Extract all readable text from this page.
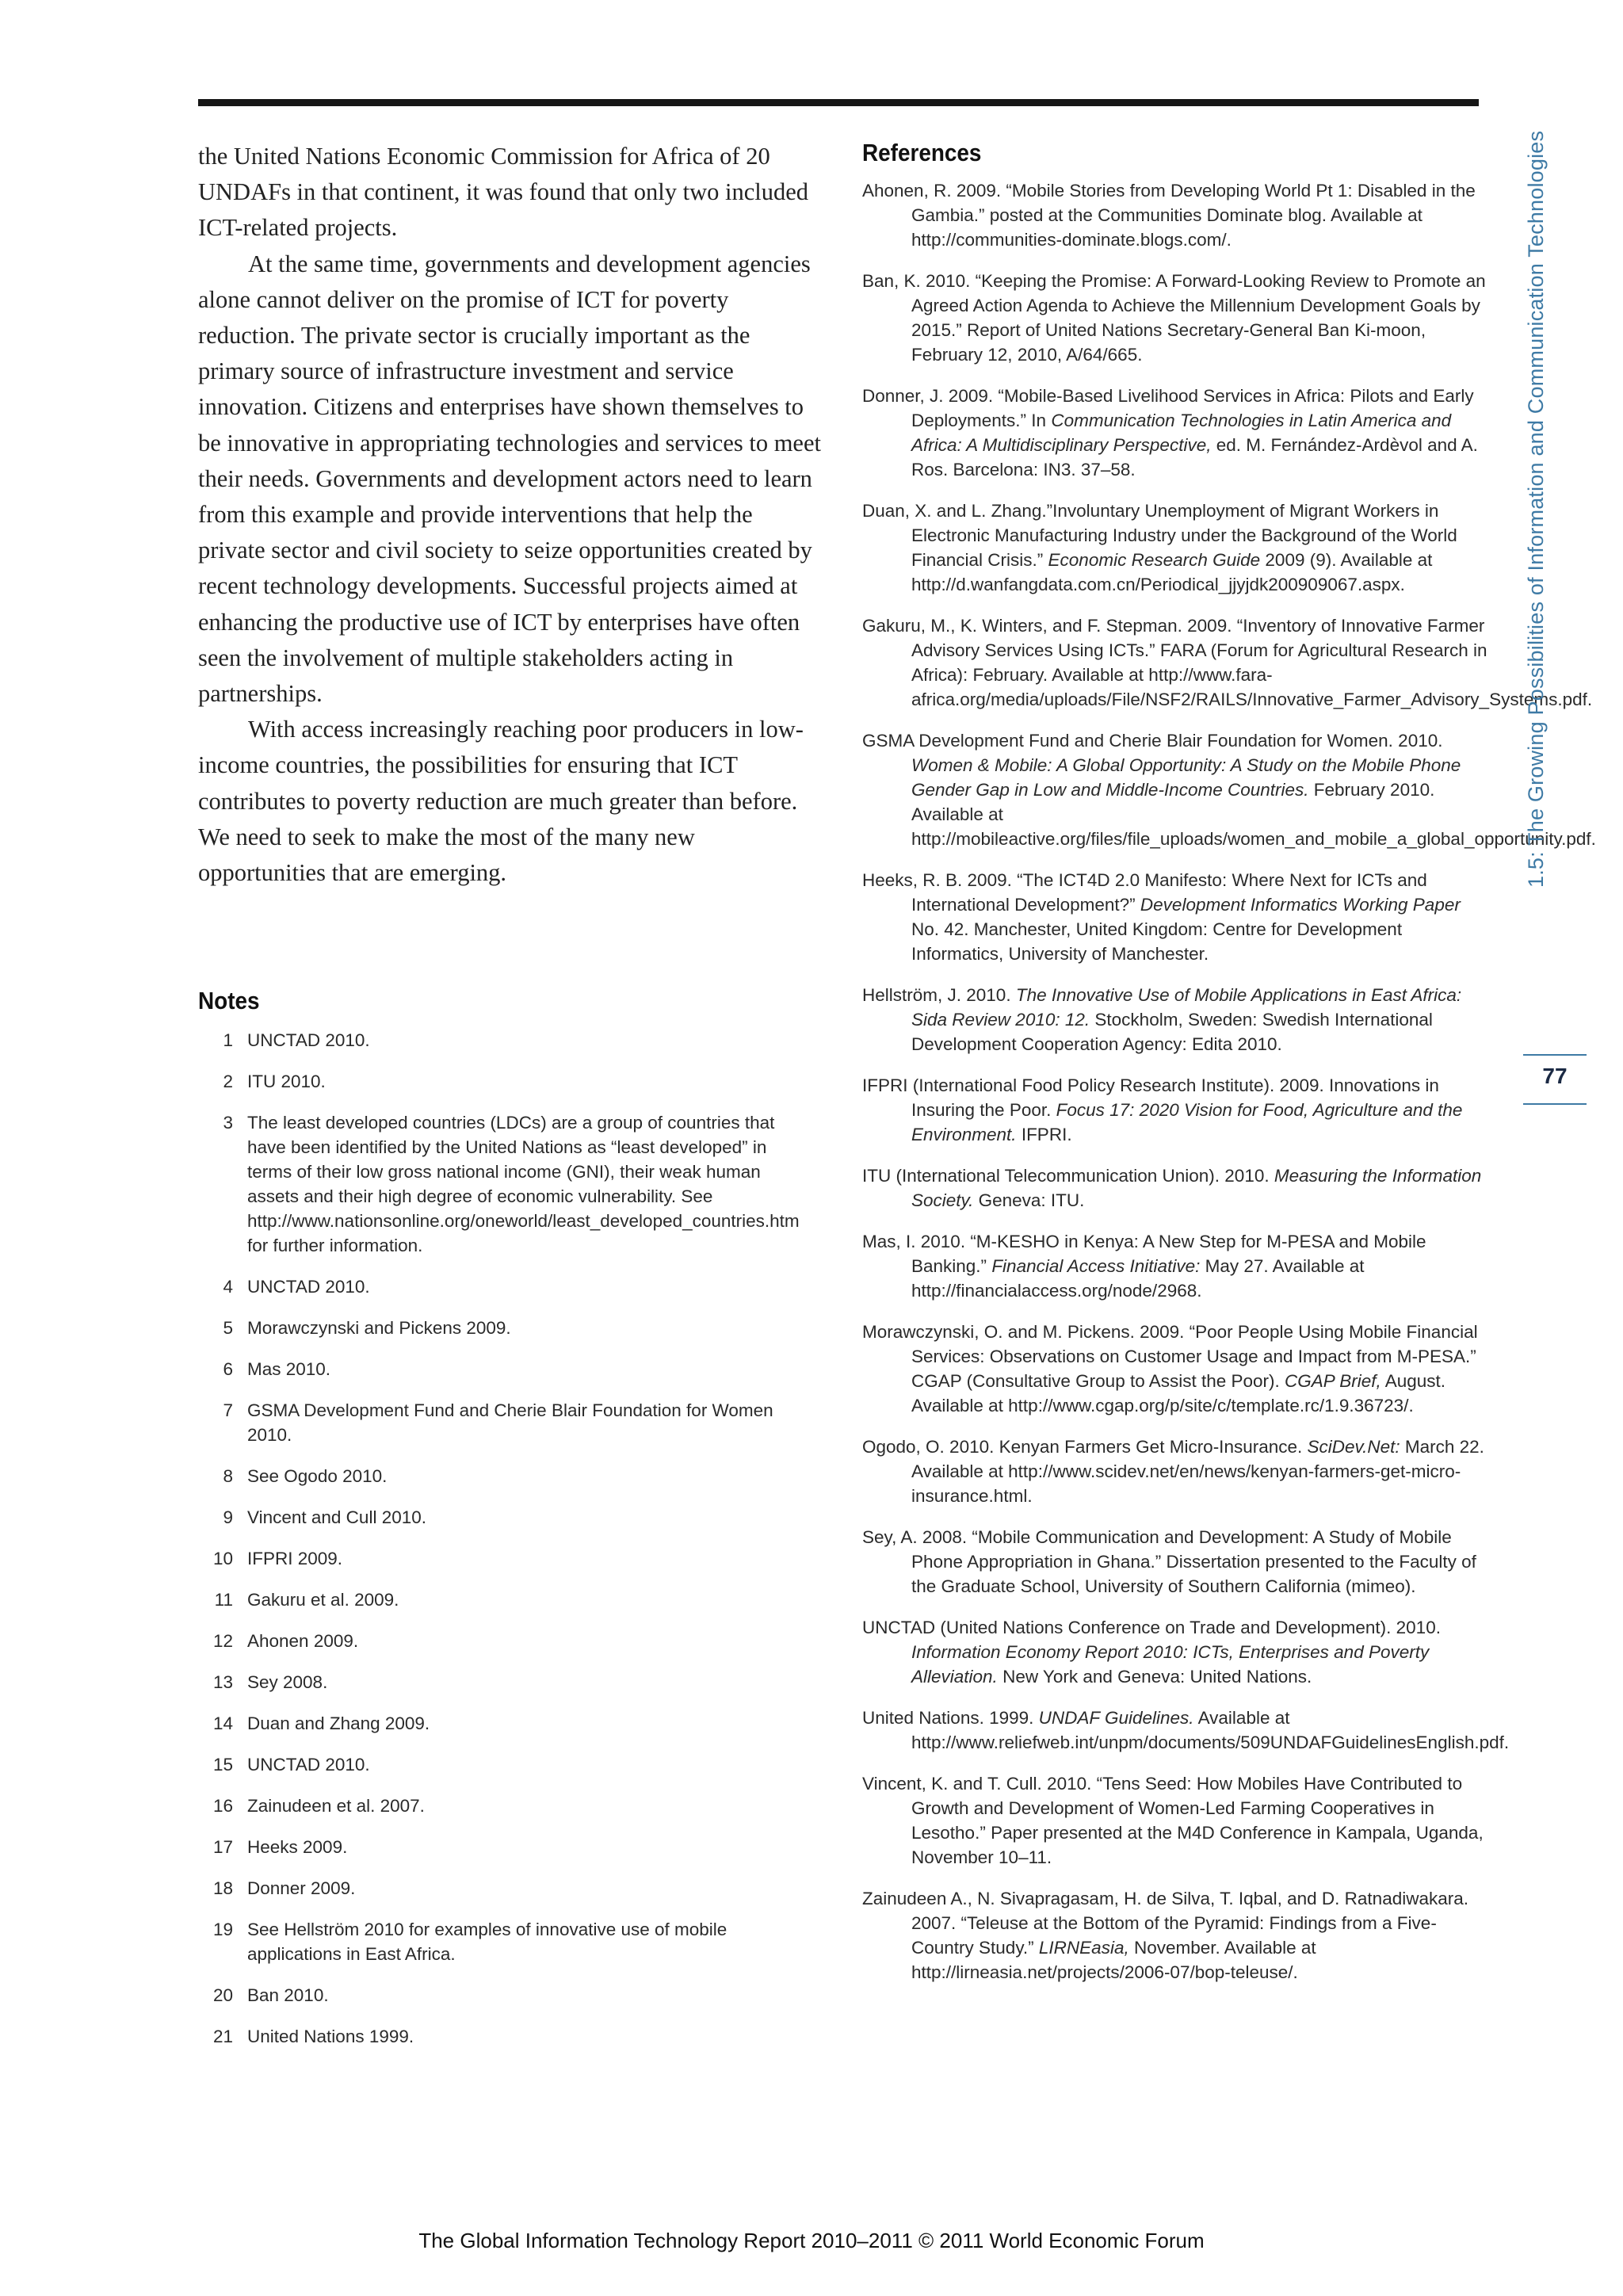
the United Nations Economic Commission for Africa of 20 UNDAFs in that continent, it was found that only two included ICT-related projects.

At the same time, governments and development agencies alone cannot deliver on the promise of ICT for poverty reduction. The private sector is crucially important as the primary source of infrastructure investment and service innovation. Citizens and enterprises have shown themselves to be innovative in appropriating technologies and services to meet their needs. Governments and development actors need to learn from this example and provide interventions that help the private sector and civil society to seize opportunities created by recent technology developments. Successful projects aimed at enhancing the productive use of ICT by enterprises have often seen the involvement of multiple stakeholders acting in partnerships.

With access increasingly reaching poor producers in low-income countries, the possibilities for ensuring that ICT contributes to poverty reduction are much greater than before. We need to seek to make the most of the many new opportunities that are emerging.

Notes
1 UNCTAD 2010.
2 ITU 2010.
3 The least developed countries (LDCs) are a group of countries that have been identified by the United Nations as “least developed” in terms of their low gross national income (GNI), their weak human assets and their high degree of economic vulnerability. See http://www.nationsonline.org/oneworld/least_developed_countries.htm for further information.
4 UNCTAD 2010.
5 Morawczynski and Pickens 2009.
6 Mas 2010.
7 GSMA Development Fund and Cherie Blair Foundation for Women 2010.
8 See Ogodo 2010.
9 Vincent and Cull 2010.
10 IFPRI 2009.
11 Gakuru et al. 2009.
12 Ahonen 2009.
13 Sey 2008.
14 Duan and Zhang 2009.
15 UNCTAD 2010.
16 Zainudeen et al. 2007.
17 Heeks 2009.
18 Donner 2009.
19 See Hellström 2010 for examples of innovative use of mobile applications in East Africa.
20 Ban 2010.
21 United Nations 1999.
References

Ahonen, R. 2009. “Mobile Stories from Developing World Pt 1: Disabled in the Gambia.” posted at the Communities Dominate blog. Available at http://communities-dominate.blogs.com/.

Ban, K. 2010. “Keeping the Promise: A Forward-Looking Review to Promote an Agreed Action Agenda to Achieve the Millennium Development Goals by 2015.” Report of United Nations Secretary-General Ban Ki-moon, February 12, 2010, A/64/665.

Donner, J. 2009. “Mobile-Based Livelihood Services in Africa: Pilots and Early Deployments.” In Communication Technologies in Latin America and Africa: A Multidisciplinary Perspective, ed. M. Fernández-Ardèvol and A. Ros. Barcelona: IN3. 37–58.

Duan, X. and L. Zhang.”Involuntary Unemployment of Migrant Workers in Electronic Manufacturing Industry under the Background of the World Financial Crisis.” Economic Research Guide 2009 (9). Available at http://d.wanfangdata.com.cn/Periodical_jjyjdk200909067.aspx.

Gakuru, M., K. Winters, and F. Stepman. 2009. “Inventory of Innovative Farmer Advisory Services Using ICTs.” FARA (Forum for Agricultural Research in Africa): February. Available at http://www.fara-africa.org/media/uploads/File/NSF2/RAILS/Innovative_Farmer_Advisory_Systems.pdf.

GSMA Development Fund and Cherie Blair Foundation for Women. 2010. Women & Mobile: A Global Opportunity: A Study on the Mobile Phone Gender Gap in Low and Middle-Income Countries. February 2010. Available at http://mobileactive.org/files/file_uploads/women_and_mobile_a_global_opportunity.pdf.

Heeks, R. B. 2009. “The ICT4D 2.0 Manifesto: Where Next for ICTs and International Development?” Development Informatics Working Paper No. 42. Manchester, United Kingdom: Centre for Development Informatics, University of Manchester.

Hellström, J. 2010. The Innovative Use of Mobile Applications in East Africa: Sida Review 2010: 12. Stockholm, Sweden: Swedish International Development Cooperation Agency: Edita 2010.

IFPRI (International Food Policy Research Institute). 2009. Innovations in Insuring the Poor. Focus 17: 2020 Vision for Food, Agriculture and the Environment. IFPRI.

ITU (International Telecommunication Union). 2010. Measuring the Information Society. Geneva: ITU.

Mas, I. 2010. “M-KESHO in Kenya: A New Step for M-PESA and Mobile Banking.” Financial Access Initiative: May 27. Available at http://financialaccess.org/node/2968.

Morawczynski, O. and M. Pickens. 2009. “Poor People Using Mobile Financial Services: Observations on Customer Usage and Impact from M-PESA.” CGAP (Consultative Group to Assist the Poor). CGAP Brief, August. Available at http://www.cgap.org/p/site/c/template.rc/1.9.36723/.

Ogodo, O. 2010. Kenyan Farmers Get Micro-Insurance. SciDev.Net: March 22. Available at http://www.scidev.net/en/news/kenyan-farmers-get-micro-insurance.html.

Sey, A. 2008. “Mobile Communication and Development: A Study of Mobile Phone Appropriation in Ghana.” Dissertation presented to the Faculty of the Graduate School, University of Southern California (mimeo).

UNCTAD (United Nations Conference on Trade and Development). 2010. Information Economy Report 2010: ICTs, Enterprises and Poverty Alleviation. New York and Geneva: United Nations.

United Nations. 1999. UNDAF Guidelines. Available at http://www.reliefweb.int/unpm/documents/509UNDAFGuidelinesEnglish.pdf.

Vincent, K. and T. Cull. 2010. “Tens Seed: How Mobiles Have Contributed to Growth and Development of Women-Led Farming Cooperatives in Lesotho.” Paper presented at the M4D Conference in Kampala, Uganda, November 10–11.

Zainudeen A., N. Sivapragasam, H. de Silva, T. Iqbal, and D. Ratnadiwakara. 2007. “Teleuse at the Bottom of the Pyramid: Findings from a Five-Country Study.” LIRNEasia, November. Available at http://lirneasia.net/projects/2006-07/bop-teleuse/.

1.5: The Growing Possibilities of Information and Communication Technologies
77
The Global Information Technology Report 2010–2011 © 2011 World Economic Forum
